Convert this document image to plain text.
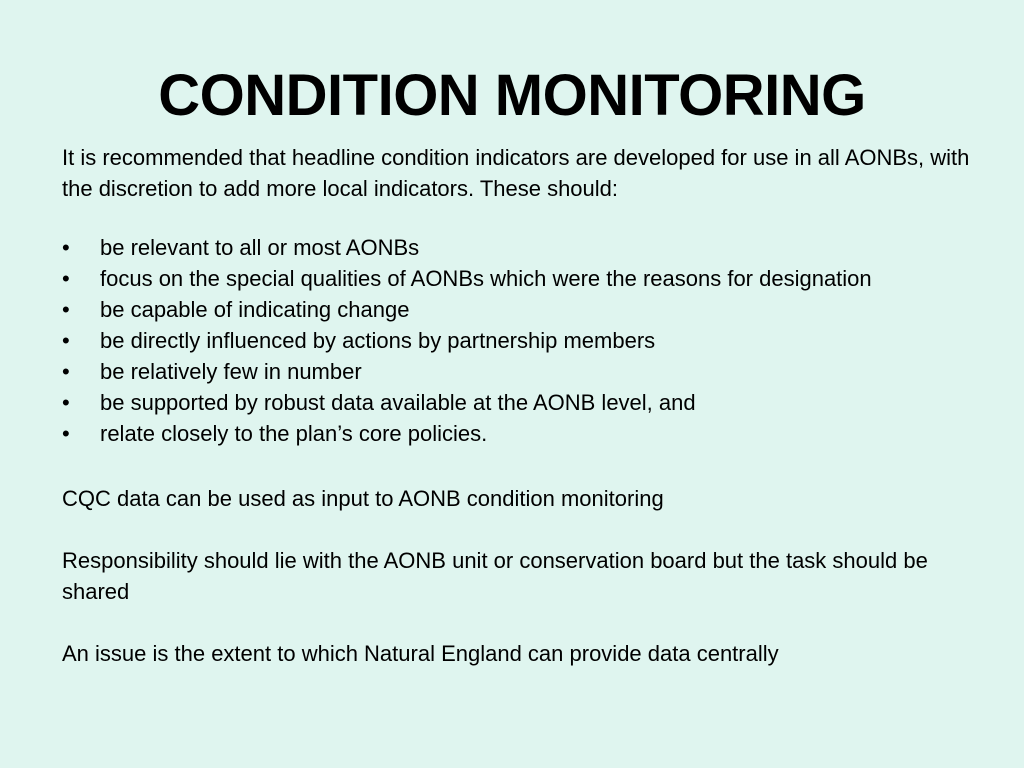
CONDITION MONITORING

It is recommended that headline condition indicators are developed for use in all AONBs, with the discretion to add more local indicators. These should:

•	be relevant to all or most AONBs
•	focus on the special qualities of AONBs which were the reasons for designation
•	be capable of indicating change
•	be directly influenced by actions by partnership members
•	be relatively few in number
•	be supported by robust data available at the AONB level, and
•	relate closely to the plan’s core policies.

CQC data can be used as input to AONB condition monitoring

Responsibility should lie with the AONB unit or conservation board but the task should be shared

An issue is the extent to which Natural England can provide data centrally
